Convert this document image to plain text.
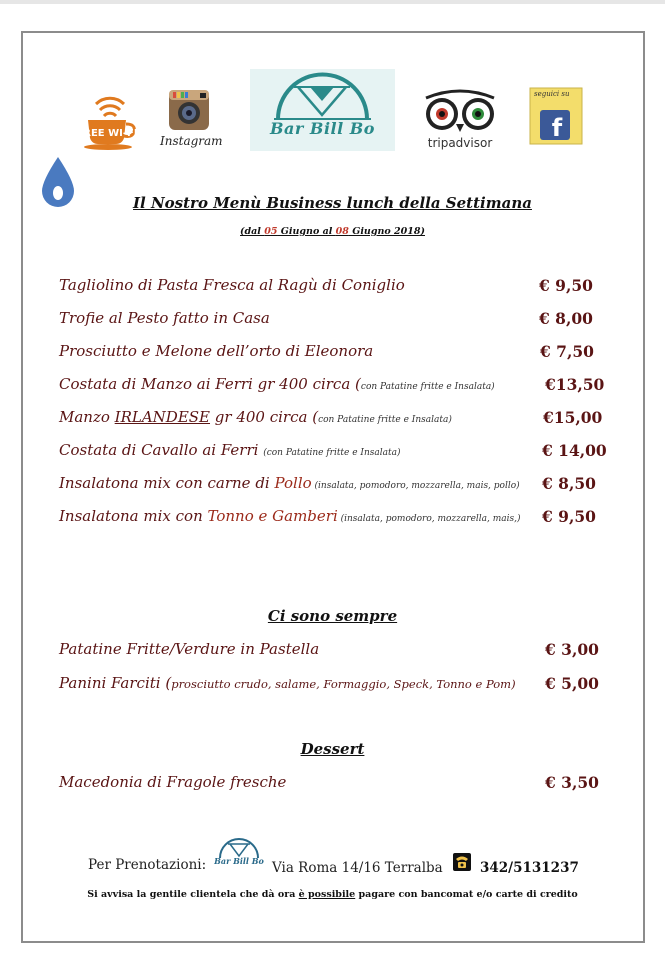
FREE WI-FI
Instagram
Bar Bill Bo
tripadvisor
f
seguici su
Il Nostro Menù Business lunch della Settimana
(dal 05 Giugno al 08 Giugno 2018)
Tagliolino di Pasta Fresca al Ragù di Coniglio	€ 9,50
Trofie al Pesto fatto in Casa	€ 8,00
Prosciutto e Melone dell’orto di Eleonora	€ 7,50
Costata di Manzo ai Ferri gr 400 circa (con Patatine fritte e Insalata)	€13,50
Manzo IRLANDESE gr 400 circa (con Patatine fritte e Insalata)	€15,00
Costata di Cavallo ai Ferri (con Patatine fritte e Insalata)	€ 14,00
Insalatona mix con carne di Pollo (insalata, pomodoro, mozzarella, mais, pollo) € 8,50
Insalatona mix con Tonno e Gamberi (insalata, pomodoro, mozzarella, mais,) € 9,50
Ci sono sempre
Patatine Fritte/Verdure in Pastella	€ 3,00
Panini Farciti (prosciutto crudo, salame, Formaggio, Speck, Tonno e Pom) € 5,00
Dessert
Macedonia di Fragole fresche	€ 3,50
Per Prenotazioni: Bar Bill Bo Via Roma 14/16 Terralba	342/5131237
Si avvisa la gentile clientela che dà ora è possibile pagare con bancomat e/o carte di credito
